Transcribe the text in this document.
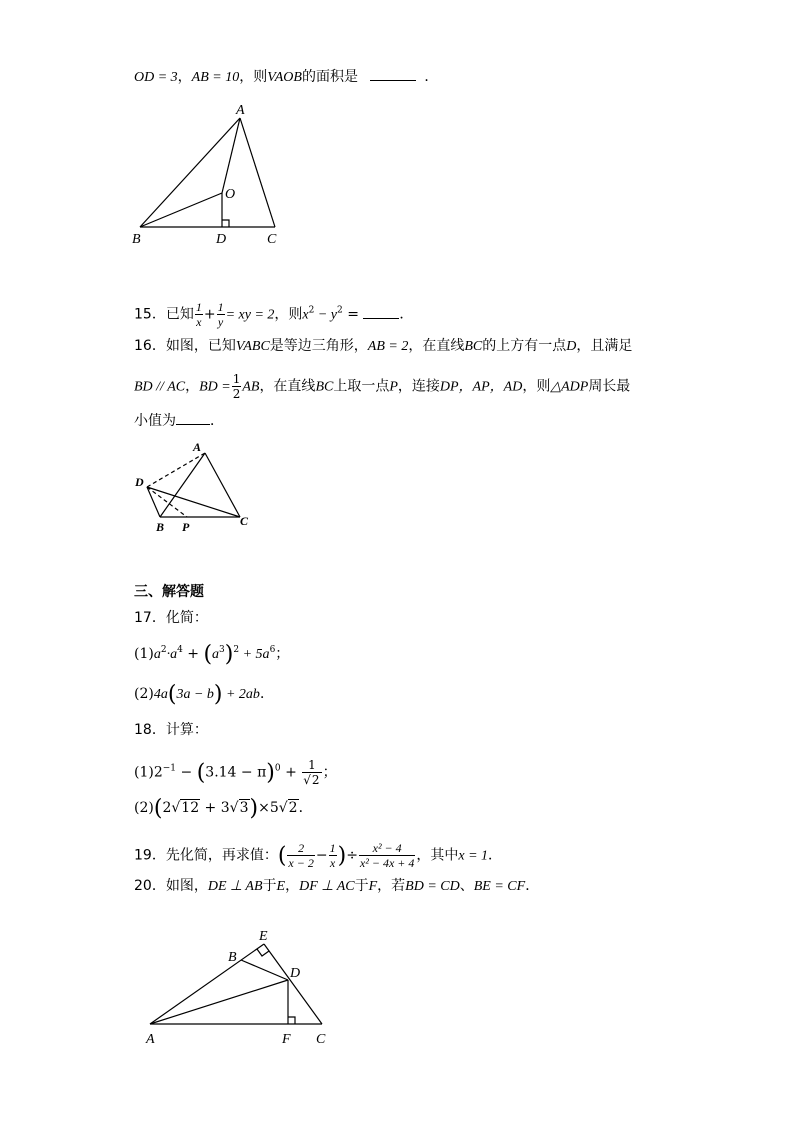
OD = 3，AB = 10，则VAOB的面积是	．
A
O
B	D	C
A
D
B P	C
E
B
D
A	F C
15．已知 $\frac{1}{x} + \frac{1}{y}$ = xy = 2，则$x^2 - y^2$ =	．
16．如图，已知VABC是等边三角形，AB = 2，在直线BC的上方有一点D，且满足
BD // AC，BD = $\frac{1}{2}$ AB，在直线BC上取一点P，连接DP，AP，AD，则△ADP周长最
小值为 ．
三、解答题
17．化简：
$(1)a^2\cdot a^4 + (a^3)^2 + 5a^6$；
(2)4a(3a − b) + 2ab．
18．计算：
$(1)2^{-1} - (3.14 - \pi)^0 + \frac{1}{√2}$ ；
(2)(2√12 + 3√3)×5√2．
19．先化简，再求值：( $\frac{2}{x - 2} - \frac{1}{x}$ )÷ $\frac{\text{x² − 4}}{\text{x² − 4x + 4}}$ ，其中x = 1．
20．如图，DE ⊥ AB于E，DF ⊥ AC于F，若BD = CD、BE = CF．
